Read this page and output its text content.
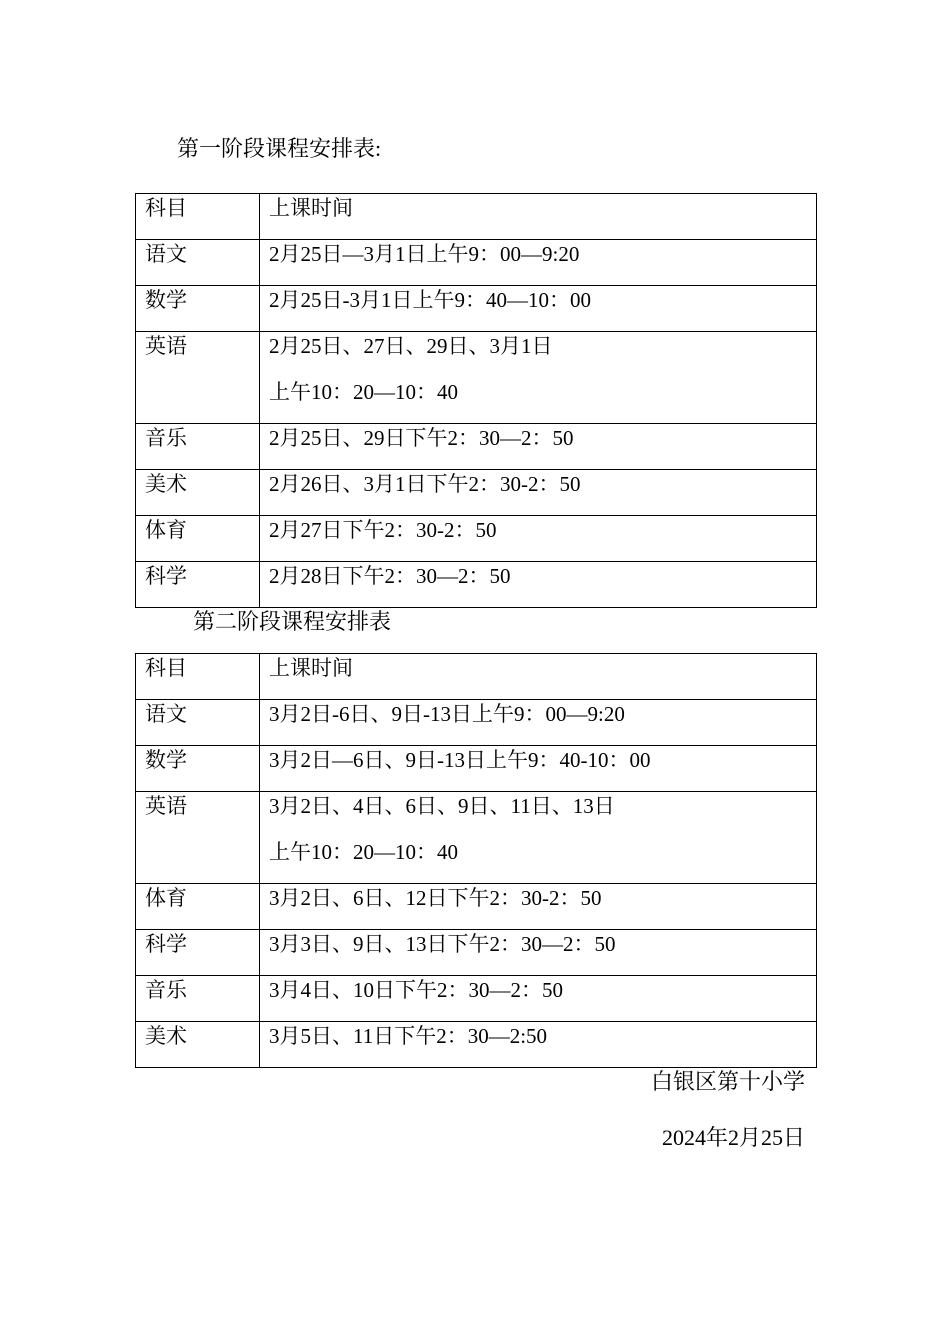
第一阶段课程安排表:
科目	上课时间
语文	2月25日—3月1日上午9：00—9:20
数学	2月25日-3月1日上午9：40—10：00
英语	2月25日、27日、29日、3月1日
上午10：20—10：40

音乐	2月25日、29日下午2：30—2：50
美术	2月26日、3月1日下午2：30-2：50
体育	2月27日下午2：30-2：50
科学	2月28日下午2：30—2：50
第二阶段课程安排表
科目	上课时间
语文	3月2日-6日、9日-13日上午9：00—9:20
数学	3月2日—6日、9日-13日上午9：40-10：00
英语	3月2日、4日、6日、9日、11日、13日
上午10：20—10：40

体育	3月2日、6日、12日下午2：30-2：50
科学	3月3日、9日、13日下午2：30—2：50
音乐	3月4日、10日下午2：30—2：50
美术	3月5日、11日下午2：30—2:50
白银区第十小学
2024年2月25日
